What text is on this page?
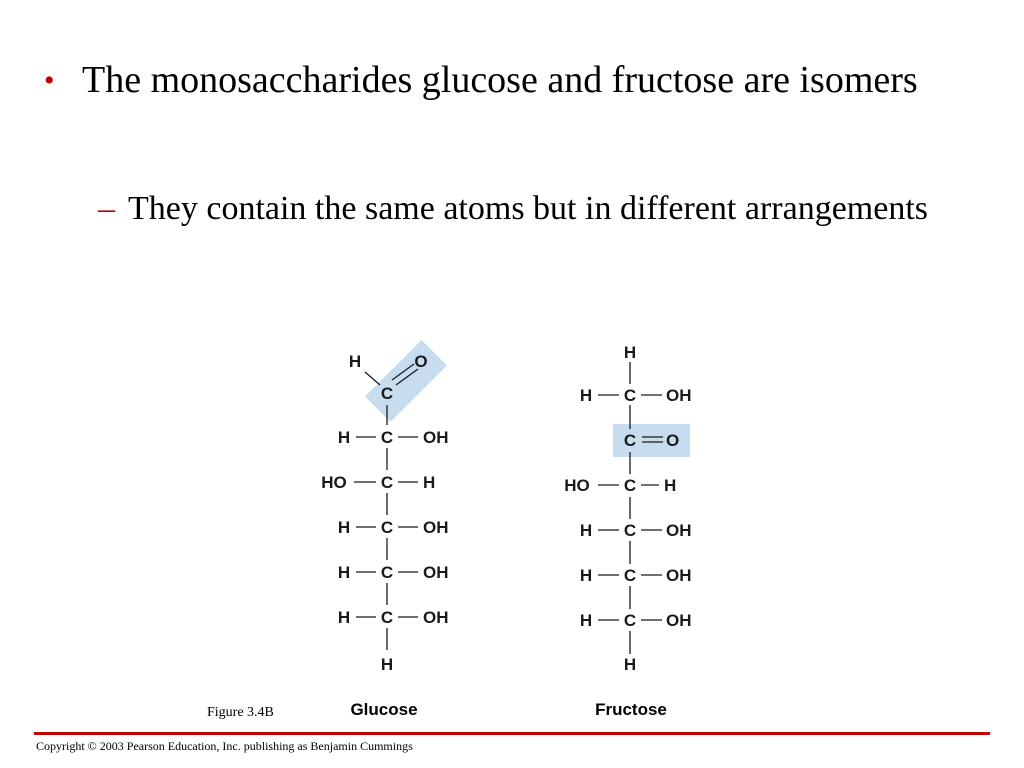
• The monosaccharides glucose and fructose are isomers
– They contain the same atoms but in different arrangements
H	O
C
H C OH
HO C H
H C OH
H C OH
H C OH
H
H
H C OH
C O
HO C H
H C OH
H C OH
H C OH
H
Figure 3.4B	Glucose	Fructose
Copyright © 2003 Pearson Education, Inc. publishing as Benjamin Cummings
